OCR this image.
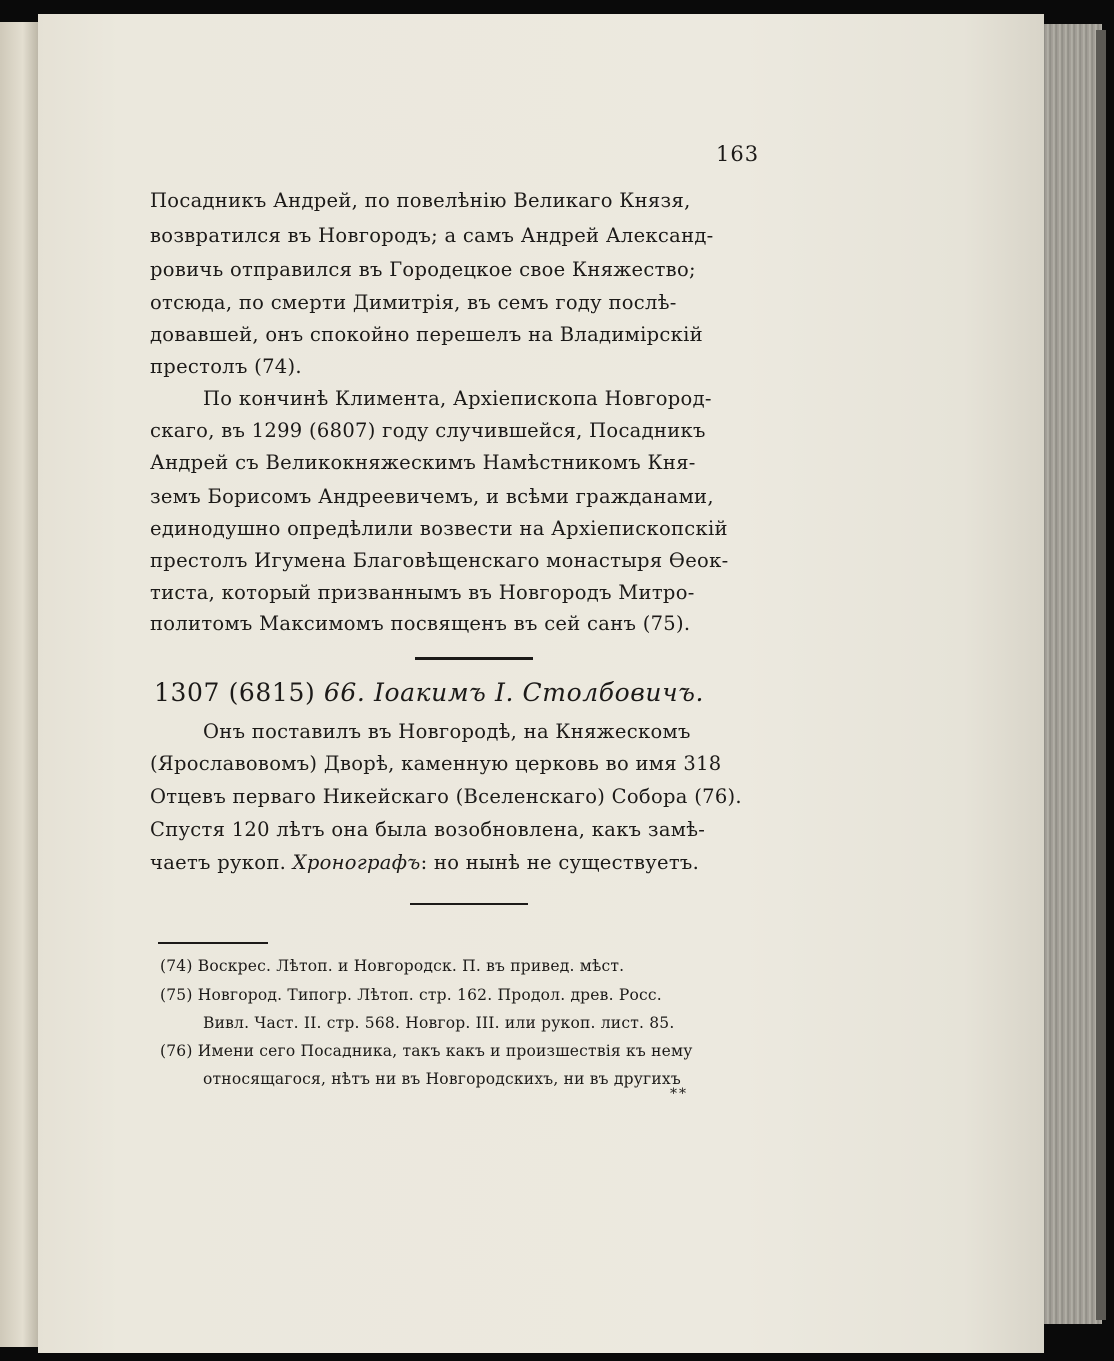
163
Посадникъ Андрей, по повелѣнію Великаго Князя,
возвратился въ Новгородъ; а самъ Андрей Александ-
ровичь отправился въ Городецкое свое Княжество;
отсюда, по смерти Димитрія, въ семъ году послѣ-
довавшей, онъ спокойно перешелъ на Владимірскій
престолъ (74).
По кончинѣ Климента, Архіепископа Новгород-
скаго, въ 1299 (6807) году случившейся, Посадникъ
Андрей съ Великокняжескимъ Намѣстникомъ Кня-
земъ Борисомъ Андреевичемъ, и всѣми гражданами,
единодушно опредѣлили возвести на Архіепископскій
престолъ Игумена Благовѣщенскаго монастыря Ѳеок-
тиста, который призваннымъ въ Новгородъ Митро-
политомъ Максимомъ посвященъ въ сей санъ (75).
1307 (6815) 66. Іоакимъ І. Столбовичъ.
Онъ поставилъ въ Новгородѣ, на Княжескомъ
(Ярославовомъ) Дворѣ, каменную церковь во имя 318
Отцевъ перваго Никейскаго (Вселенскаго) Собора (76).
Спустя 120 лѣтъ она была возобновлена, какъ замѣ-
чаетъ рукоп. Хронографъ: но нынѣ не существуетъ.
(74) Воскрес. Лѣтоп. и Новгородск. П. въ привед. мѣст.
(75) Новгород. Типогр. Лѣтоп. стр. 162. Продол. древ. Росс.
Вивл. Част. II. стр. 568. Новгор. III. или рукоп. лист. 85.
(76) Имени сего Посадника, такъ какъ и произшествія къ нему
относящагося, нѣтъ ни въ Новгородскихъ, ни въ другихъ
**
